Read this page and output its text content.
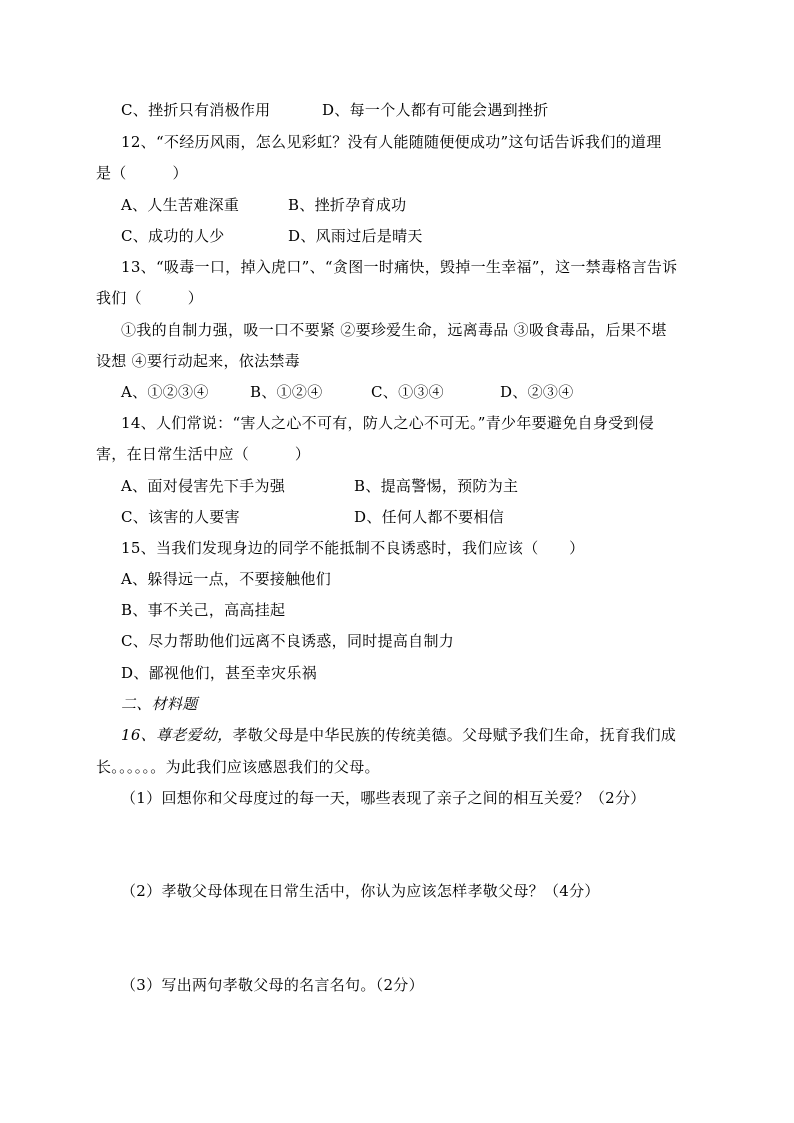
C、挫折只有消极作用	D、每一个人都有可能会遇到挫折
12、“不经历风雨，怎么见彩虹？没有人能随随便便成功”这句话告诉我们的道理
是（　　　）
A、人生苦难深重	B、挫折孕育成功
C、成功的人少	D、风雨过后是晴天
13、“吸毒一口，掉入虎口”、“贪图一时痛快，毁掉一生幸福”，这一禁毒格言告诉
我们（　　　）
①我的自制力强，吸一口不要紧 ②要珍爱生命，远离毒品 ③吸食毒品，后果不堪
设想 ④要行动起来，依法禁毒
A、①②③④	B、①②④	C、①③④	D、②③④
14、人们常说：“害人之心不可有，防人之心不可无。”青少年要避免自身受到侵
害，在日常生活中应（　　　）
A、面对侵害先下手为强	B、提高警惕，预防为主
C、该害的人要害	D、任何人都不要相信
15、当我们发现身边的同学不能抵制不良诱惑时，我们应该（　　）
A、躲得远一点，不要接触他们
B、事不关己，高高挂起
C、尽力帮助他们远离不良诱惑，同时提高自制力
D、鄙视他们，甚至幸灾乐祸
二、材料题
16、尊老爱幼，孝敬父母是中华民族的传统美德。父母赋予我们生命，抚育我们成
长。。。。。。为此我们应该感恩我们的父母。
（1）回想你和父母度过的每一天，哪些表现了亲子之间的相互关爱？（2分）
（2）孝敬父母体现在日常生活中，你认为应该怎样孝敬父母？（4分）
（3）写出两句孝敬父母的名言名句。（2分）
